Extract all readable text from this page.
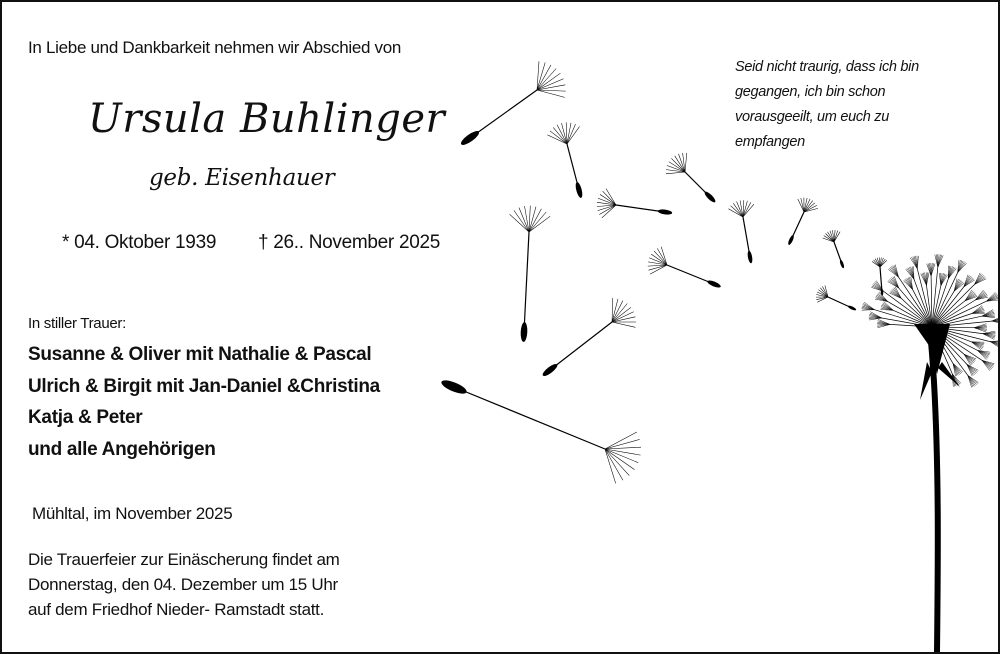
In Liebe und Dankbarkeit nehmen wir Abschied von
Ursula Buhlinger
geb. Eisenhauer
* 04. Oktober 1939 † 26.. November 2025
In stiller Trauer:
Susanne & Oliver mit Nathalie & Pascal
Ulrich & Birgit mit Jan-Daniel &Christina
Katja & Peter
und alle Angehörigen
Mühltal, im November 2025
Die Trauerfeier zur Einäscherung findet am
Donnerstag, den 04. Dezember um 15 Uhr
auf dem Friedhof Nieder- Ramstadt statt.
Seid nicht traurig, dass ich bin
gegangen, ich bin schon
vorausgeeilt, um euch zu
empfangen
